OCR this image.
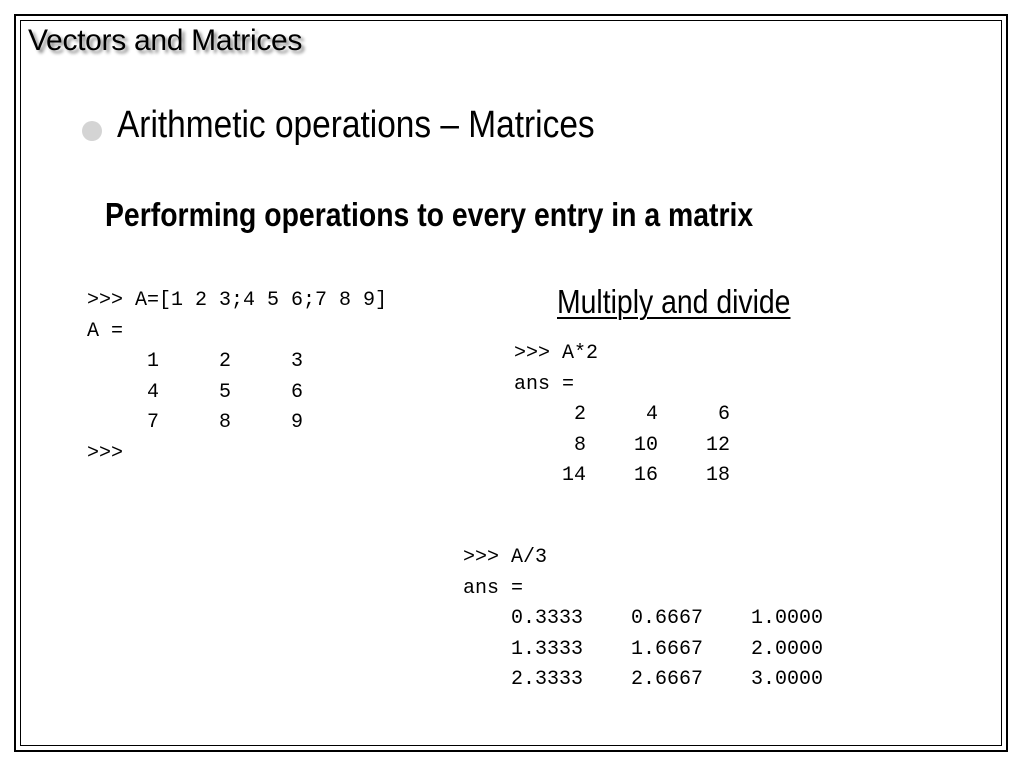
Vectors and Matrices
Arithmetic operations – Matrices
Performing operations to every entry in a matrix
Multiply and divide
>>> A=[1 2 3;4 5 6;7 8 9]
A =
1     2     3
4     5     6
7     8     9
>>>
>>> A*2
ans =
2     4     6
8    10    12
14    16    18
>>> A/3
ans =
0.3333    0.6667    1.0000
1.3333    1.6667    2.0000
2.3333    2.6667    3.0000
